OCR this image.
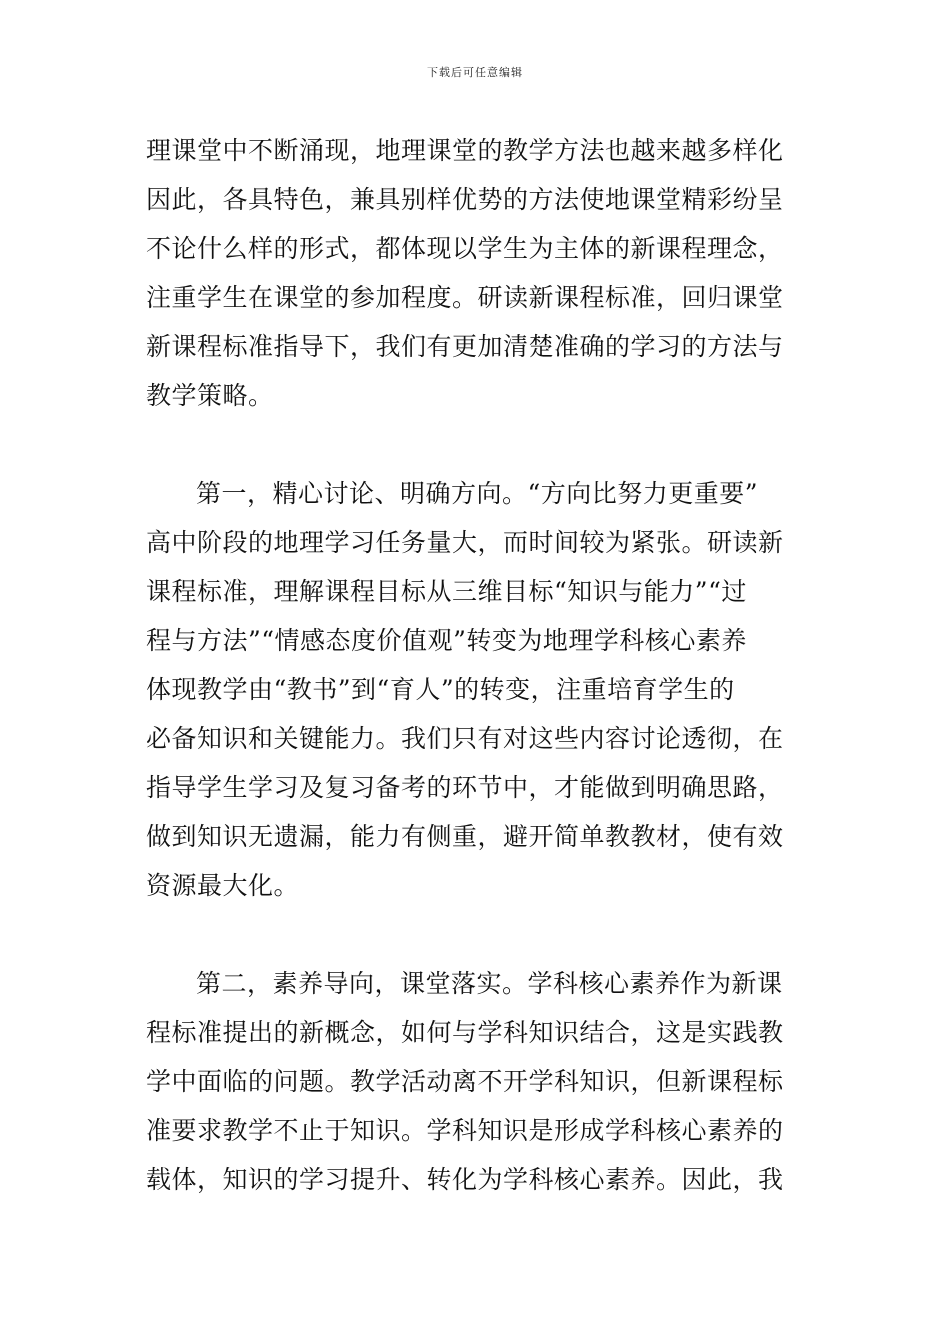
下载后可任意编辑
理课堂中不断涌现，地理课堂的教学方法也越来越多样化
因此，各具特色，兼具别样优势的方法使地课堂精彩纷呈
不论什么样的形式，都体现以学生为主体的新课程理念，
注重学生在课堂的参加程度。研读新课程标准，回归课堂
新课程标准指导下，我们有更加清楚准确的学习的方法与
教学策略。
第一，精心讨论、明确方向。“方向比努力更重要”
高中阶段的地理学习任务量大，而时间较为紧张。研读新
课程标准，理解课程目标从三维目标“知识与能力”“过
程与方法”“情感态度价值观”转变为地理学科核心素养
体现教学由“教书”到“育人”的转变，注重培育学生的
必备知识和关键能力。我们只有对这些内容讨论透彻，在
指导学生学习及复习备考的环节中，才能做到明确思路，
做到知识无遗漏，能力有侧重，避开简单教教材，使有效
资源最大化。
第二，素养导向，课堂落实。学科核心素养作为新课
程标准提出的新概念，如何与学科知识结合，这是实践教
学中面临的问题。教学活动离不开学科知识，但新课程标
准要求教学不止于知识。学科知识是形成学科核心素养的
载体，知识的学习提升、转化为学科核心素养。因此，我
